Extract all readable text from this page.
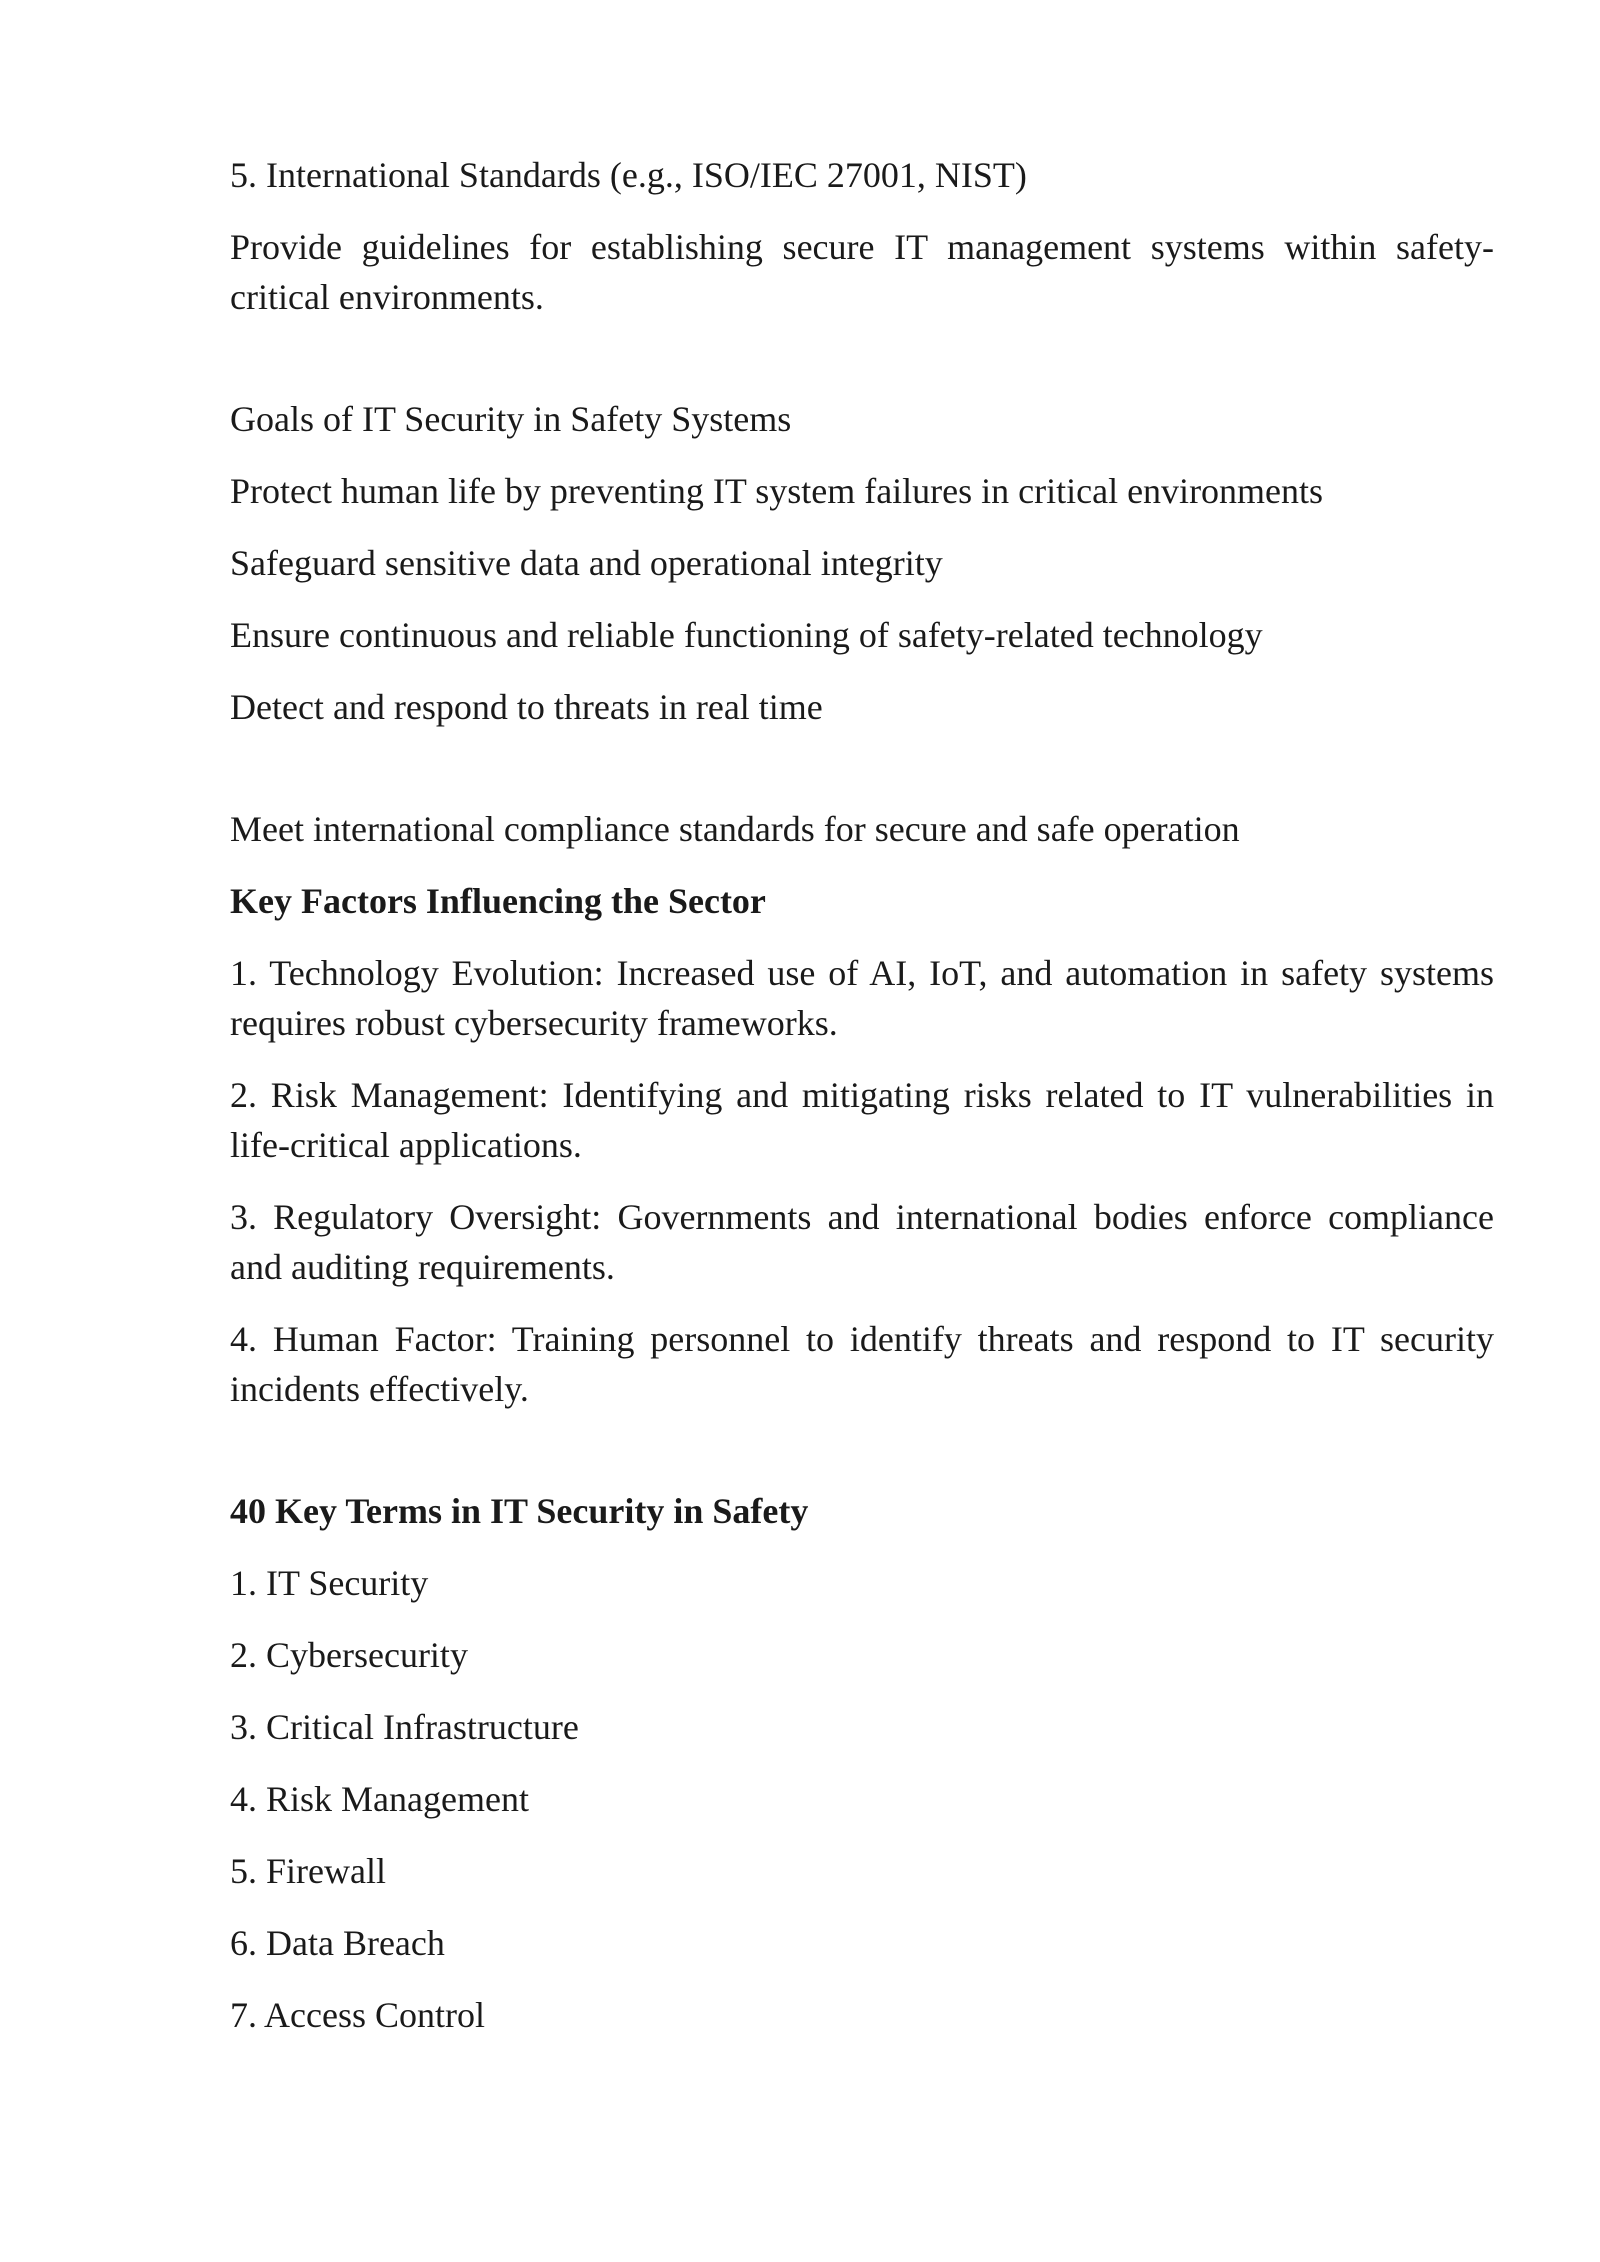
5. International Standards (e.g., ISO/IEC 27001, NIST)

Provide guidelines for establishing secure IT management systems within safety-critical environments.

Goals of IT Security in Safety Systems

Protect human life by preventing IT system failures in critical environments

Safeguard sensitive data and operational integrity

Ensure continuous and reliable functioning of safety-related technology

Detect and respond to threats in real time

Meet international compliance standards for secure and safe operation

Key Factors Influencing the Sector

1. Technology Evolution: Increased use of AI, IoT, and automation in safety systems requires robust cybersecurity frameworks.

2. Risk Management: Identifying and mitigating risks related to IT vulnerabilities in life-critical applications.

3. Regulatory Oversight: Governments and international bodies enforce compliance and auditing requirements.

4. Human Factor: Training personnel to identify threats and respond to IT security incidents effectively.

40 Key Terms in IT Security in Safety

1. IT Security

2. Cybersecurity

3. Critical Infrastructure

4. Risk Management

5. Firewall

6. Data Breach

7. Access Control
